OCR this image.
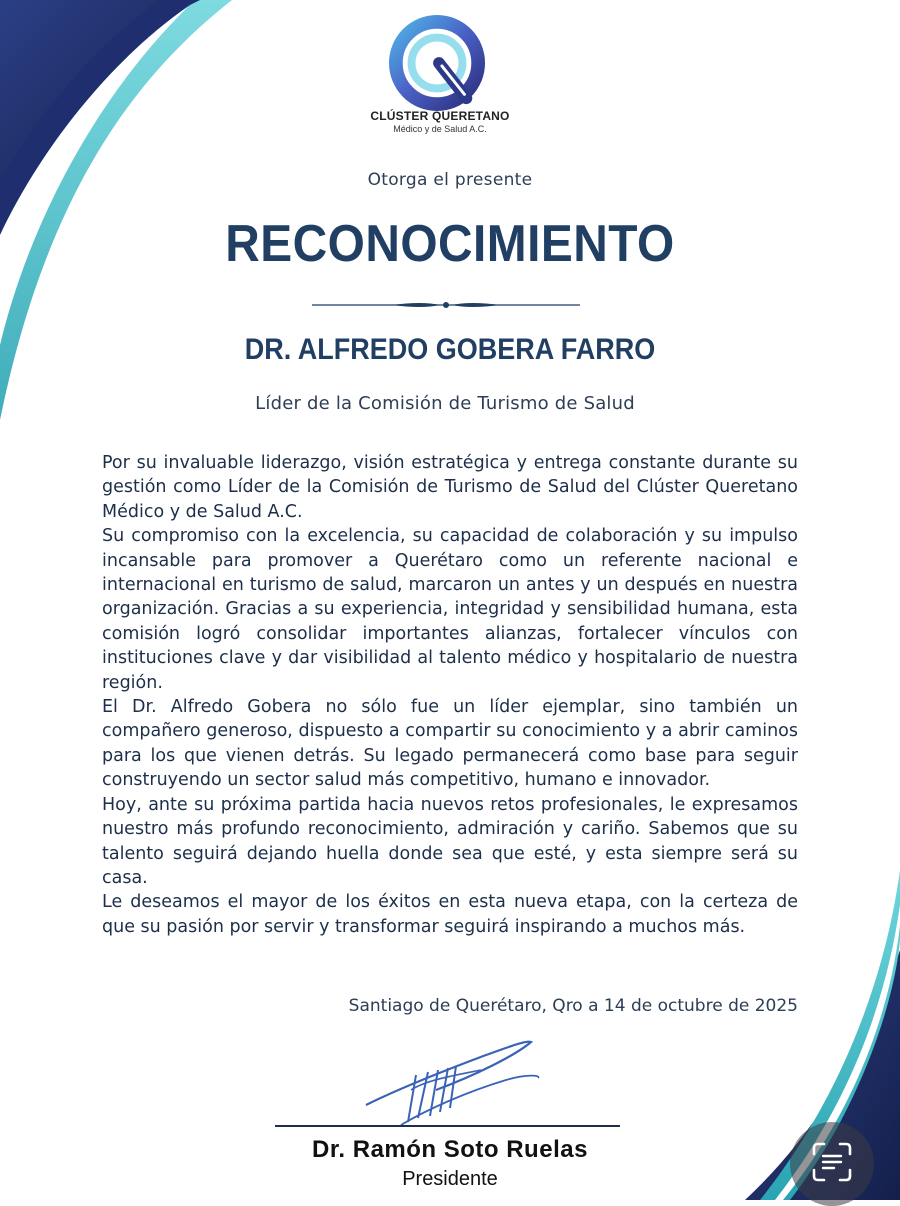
CLÚSTER QUERETANO
Médico y de Salud A.C.
Otorga el presente
RECONOCIMIENTO
DR. ALFREDO GOBERA FARRO
Líder de la Comisión de Turismo de Salud

Por su invaluable liderazgo, visión estratégica y entrega constante durante su gestión como Líder de la Comisión de Turismo de Salud del Clúster Queretano Médico y de Salud A.C.

Su compromiso con la excelencia, su capacidad de colaboración y su impulso incansable para promover a Querétaro como un referente nacional e internacional en turismo de salud, marcaron un antes y un después en nuestra organización. Gracias a su experiencia, integridad y sensibilidad humana, esta comisión logró consolidar importantes alianzas, fortalecer vínculos con instituciones clave y dar visibilidad al talento médico y hospitalario de nuestra región.

El Dr. Alfredo Gobera no sólo fue un líder ejemplar, sino también un compañero generoso, dispuesto a compartir su conocimiento y a abrir caminos para los que vienen detrás. Su legado permanecerá como base para seguir construyendo un sector salud más competitivo, humano e innovador.

Hoy, ante su próxima partida hacia nuevos retos profesionales, le expresamos nuestro más profundo reconocimiento, admiración y cariño. Sabemos que su talento seguirá dejando huella donde sea que esté, y esta siempre será su casa.

Le deseamos el mayor de los éxitos en esta nueva etapa, con la certeza de que su pasión por servir y transformar seguirá inspirando a muchos más.

Santiago de Querétaro, Qro a 14 de octubre de 2025
Dr. Ramón Soto Ruelas
Presidente
